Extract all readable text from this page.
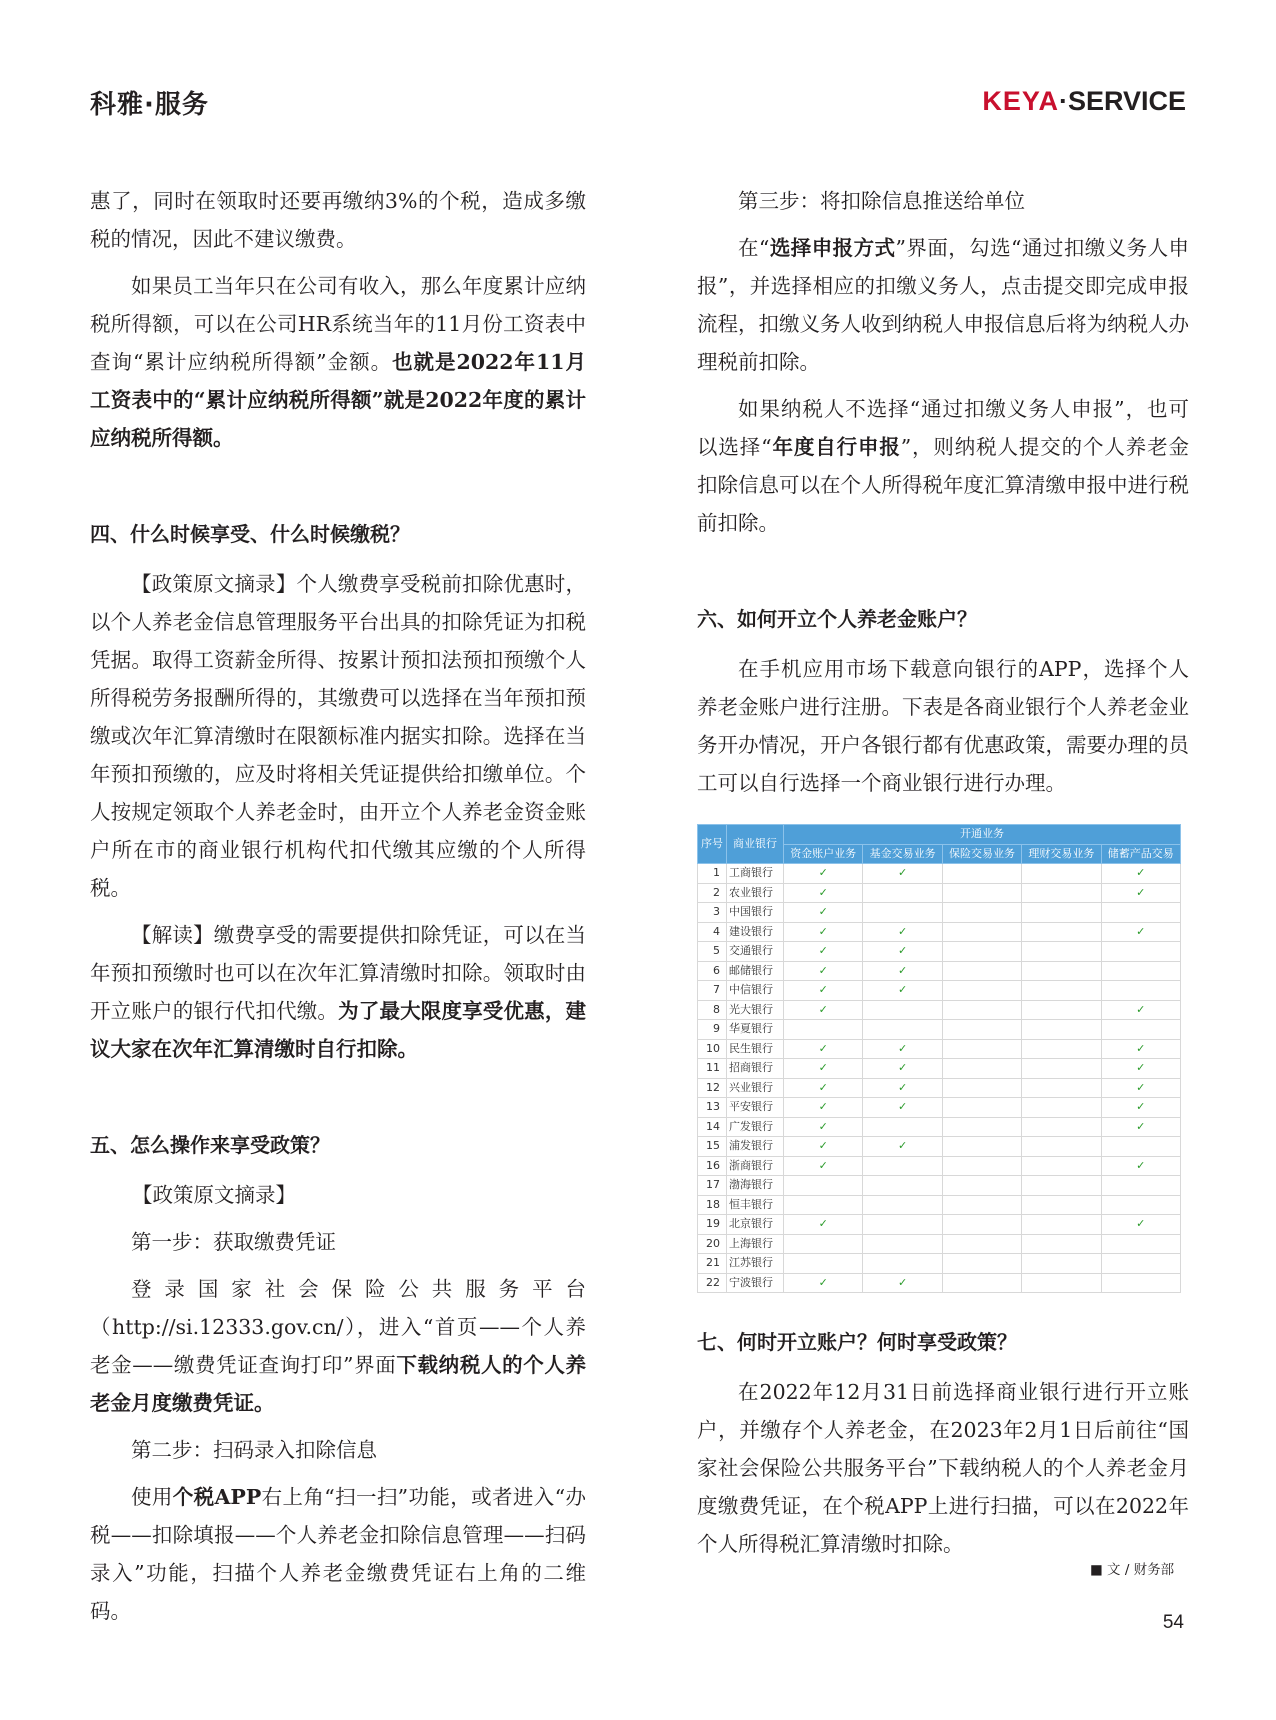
科雅·服务	KEYA·SERVICE

惠了，同时在领取时还要再缴纳3%的个税，造成多缴税的情况，因此不建议缴费。

如果员工当年只在公司有收入，那么年度累计应纳税所得额，可以在公司HR系统当年的11月份工资表中查询“累计应纳税所得额”金额。也就是2022年11月工资表中的“累计应纳税所得额”就是2022年度的累计应纳税所得额。

四、什么时候享受、什么时候缴税？

【政策原文摘录】个人缴费享受税前扣除优惠时，以个人养老金信息管理服务平台出具的扣除凭证为扣税凭据。取得工资薪金所得、按累计预扣法预扣预缴个人所得税劳务报酬所得的，其缴费可以选择在当年预扣预缴或次年汇算清缴时在限额标准内据实扣除。选择在当年预扣预缴的，应及时将相关凭证提供给扣缴单位。个人按规定领取个人养老金时，由开立个人养老金资金账户所在市的商业银行机构代扣代缴其应缴的个人所得税。

【解读】缴费享受的需要提供扣除凭证，可以在当年预扣预缴时也可以在次年汇算清缴时扣除。领取时由开立账户的银行代扣代缴。为了最大限度享受优惠，建议大家在次年汇算清缴时自行扣除。

五、怎么操作来享受政策？

【政策原文摘录】

第一步：获取缴费凭证

登录国家社会保险公共服务平台（http://si.12333.gov.cn/），进入“首页——个人养老金——缴费凭证查询打印”界面下载纳税人的个人养老金月度缴费凭证。

第二步：扫码录入扣除信息

使用个税APP右上角“扫一扫”功能，或者进入“办税——扣除填报——个人养老金扣除信息管理——扫码录入”功能，扫描个人养老金缴费凭证右上角的二维码。

第三步：将扣除信息推送给单位

在“选择申报方式”界面，勾选“通过扣缴义务人申报”，并选择相应的扣缴义务人，点击提交即完成申报流程，扣缴义务人收到纳税人申报信息后将为纳税人办理税前扣除。

如果纳税人不选择“通过扣缴义务人申报”，也可以选择“年度自行申报”，则纳税人提交的个人养老金扣除信息可以在个人所得税年度汇算清缴申报中进行税前扣除。

六、如何开立个人养老金账户？

在手机应用市场下载意向银行的APP，选择个人养老金账户进行注册。下表是各商业银行个人养老金业务开办情况，开户各银行都有优惠政策，需要办理的员工可以自行选择一个商业银行进行办理。

序号	商业银行	开通业务				
		资金账户业务	基金交易业务	保险交易业务	理财交易业务	储蓄产品交易
1	工商银行	✓	✓			✓
2	农业银行	✓				✓
3	中国银行	✓				
4	建设银行	✓	✓			✓
5	交通银行	✓	✓			
6	邮储银行	✓	✓			
7	中信银行	✓	✓			
8	光大银行	✓				✓
9	华夏银行					
10	民生银行	✓	✓			✓
11	招商银行	✓	✓			✓
12	兴业银行	✓	✓			✓
13	平安银行	✓	✓			✓
14	广发银行	✓				✓
15	浦发银行	✓	✓			
16	浙商银行	✓				✓
17	渤海银行					
18	恒丰银行					
19	北京银行	✓				✓
20	上海银行					
21	江苏银行					
22	宁波银行	✓	✓			

七、何时开立账户？何时享受政策？

在2022年12月31日前选择商业银行进行开立账户，并缴存个人养老金，在2023年2月1日后前往“国家社会保险公共服务平台”下载纳税人的个人养老金月度缴费凭证，在个税APP上进行扫描，可以在2022年个人所得税汇算清缴时扣除。

■ 文 / 财务部
54
